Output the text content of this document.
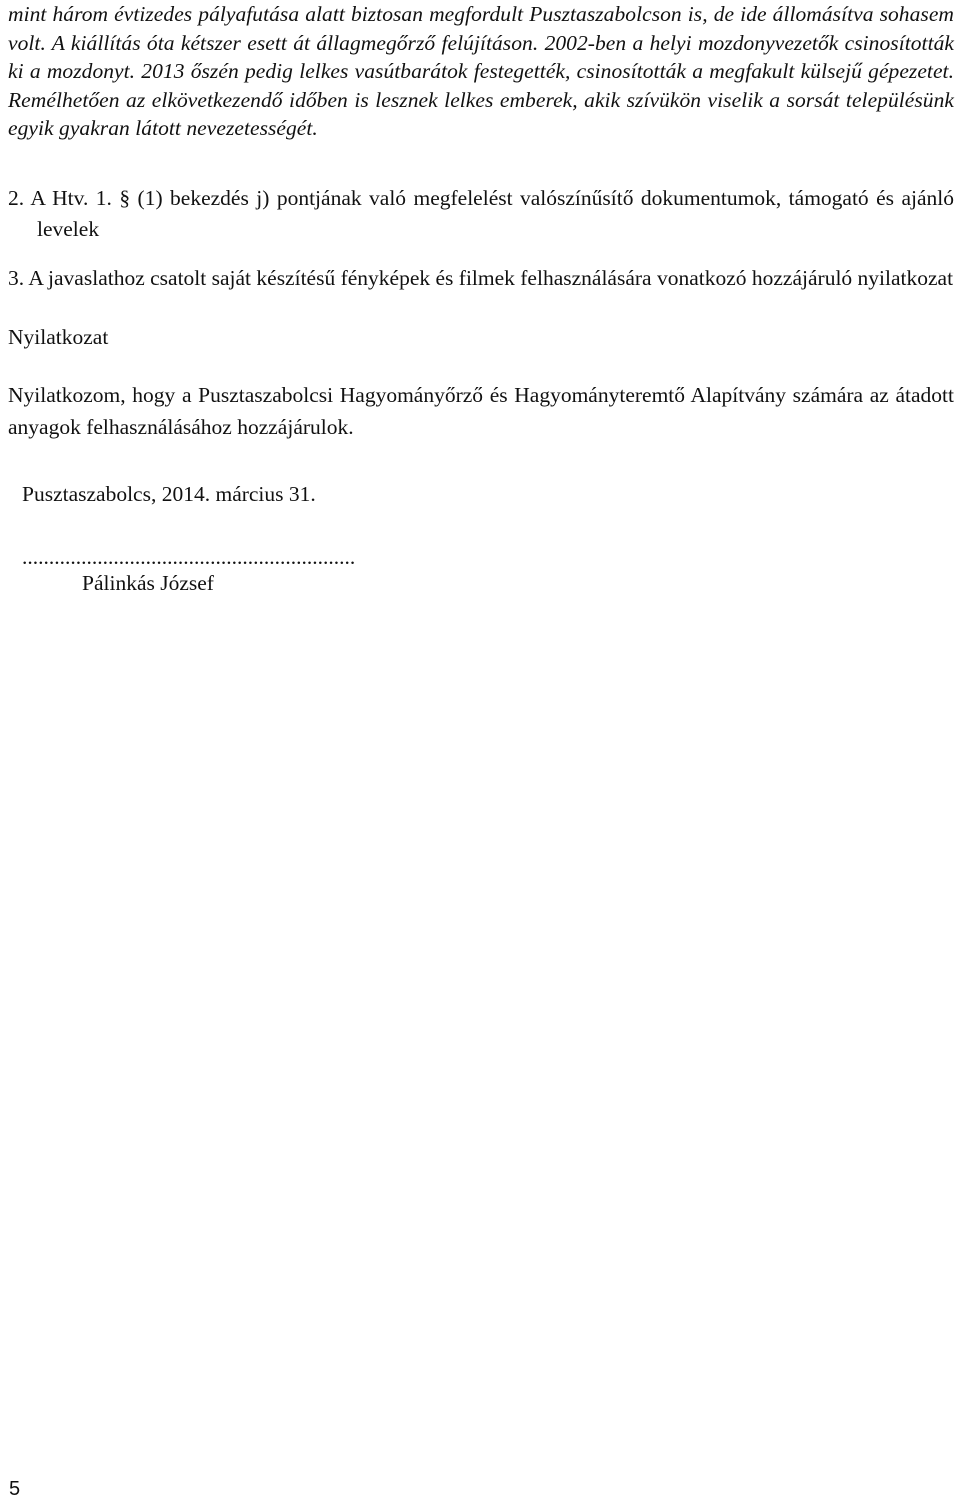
mint három évtizedes pályafutása alatt biztosan megfordult Pusztaszabolcson is, de ide állomásítva sohasem volt. A kiállítás óta kétszer esett át állagmegőrző felújításon. 2002-ben a helyi mozdonyvezetők csinosították ki a mozdonyt. 2013 őszén pedig lelkes vasútbarátok festegették, csinosították a megfakult külsejű gépezetet. Remélhetően az elkövetkezendő időben is lesznek lelkes emberek, akik szívükön viselik a sorsát településünk egyik gyakran látott nevezetességét.

2. A Htv. 1. § (1) bekezdés j) pontjának való megfelelést valószínűsítő dokumentumok, támogató és ajánló levelek

3. A javaslathoz csatolt saját készítésű fényképek és filmek felhasználására vonatkozó hozzájáruló nyilatkozat

Nyilatkozat

Nyilatkozom, hogy a Pusztaszabolcsi Hagyományőrző és Hagyományteremtő Alapítvány számára az átadott anyagok felhasználásához hozzájárulok.

Pusztaszabolcs, 2014. március 31.

..............................................................

Pálinkás József

5
